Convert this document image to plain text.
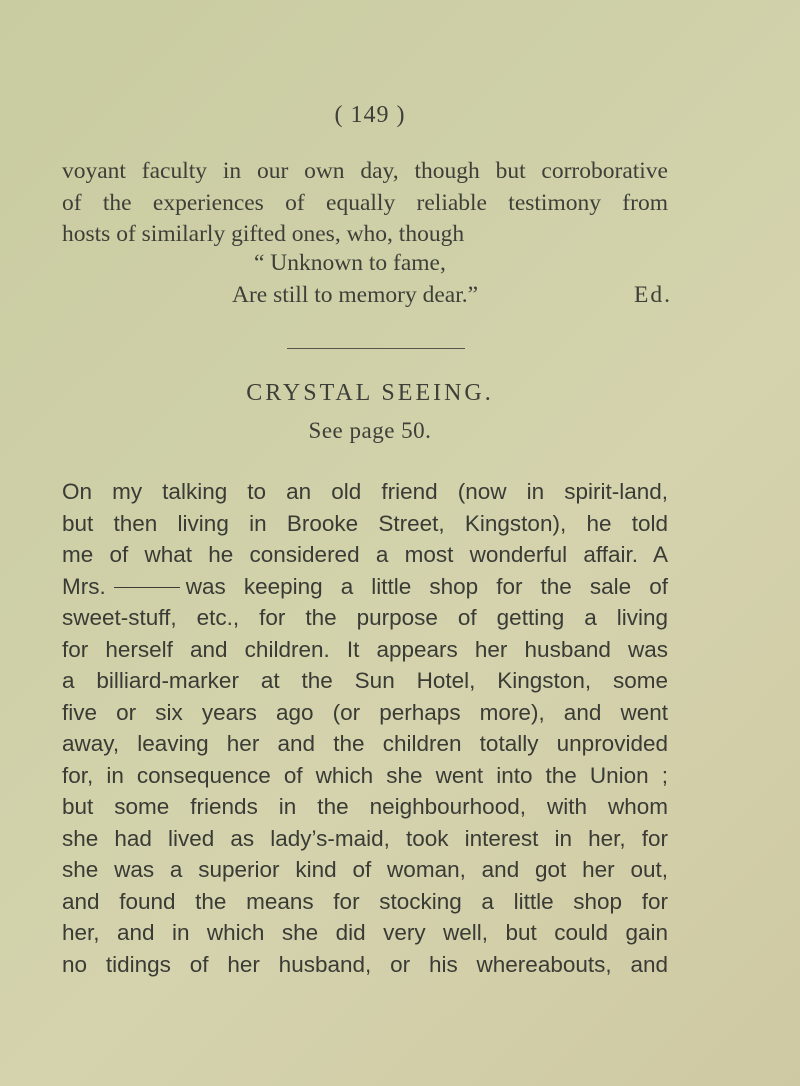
( 149 )
voyant faculty in our own day, though but corroborative
of the experiences of equally reliable testimony from
hosts of similarly gifted ones, who, though
“ Unknown to fame,
Are still to memory dear.”	Ed.
CRYSTAL SEEING.
See page 50.
On my talking to an old friend (now in spirit-land,
but then living in Brooke Street, Kingston), he told
me of what he considered a most wonderful affair. A
Mrs.	was keeping a little shop for the sale of
sweet-stuff, etc., for the purpose of getting a living
for herself and children. It appears her husband was
a billiard-marker at the Sun Hotel, Kingston, some
five or six years ago (or perhaps more), and went
away, leaving her and the children totally unprovided
for, in consequence of which she went into the Union ;
but some friends in the neighbourhood, with whom
she had lived as lady’s-maid, took interest in her, for
she was a superior kind of woman, and got her out,
and found the means for stocking a little shop for
her, and in which she did very well, but could gain
no tidings of her husband, or his whereabouts, and
